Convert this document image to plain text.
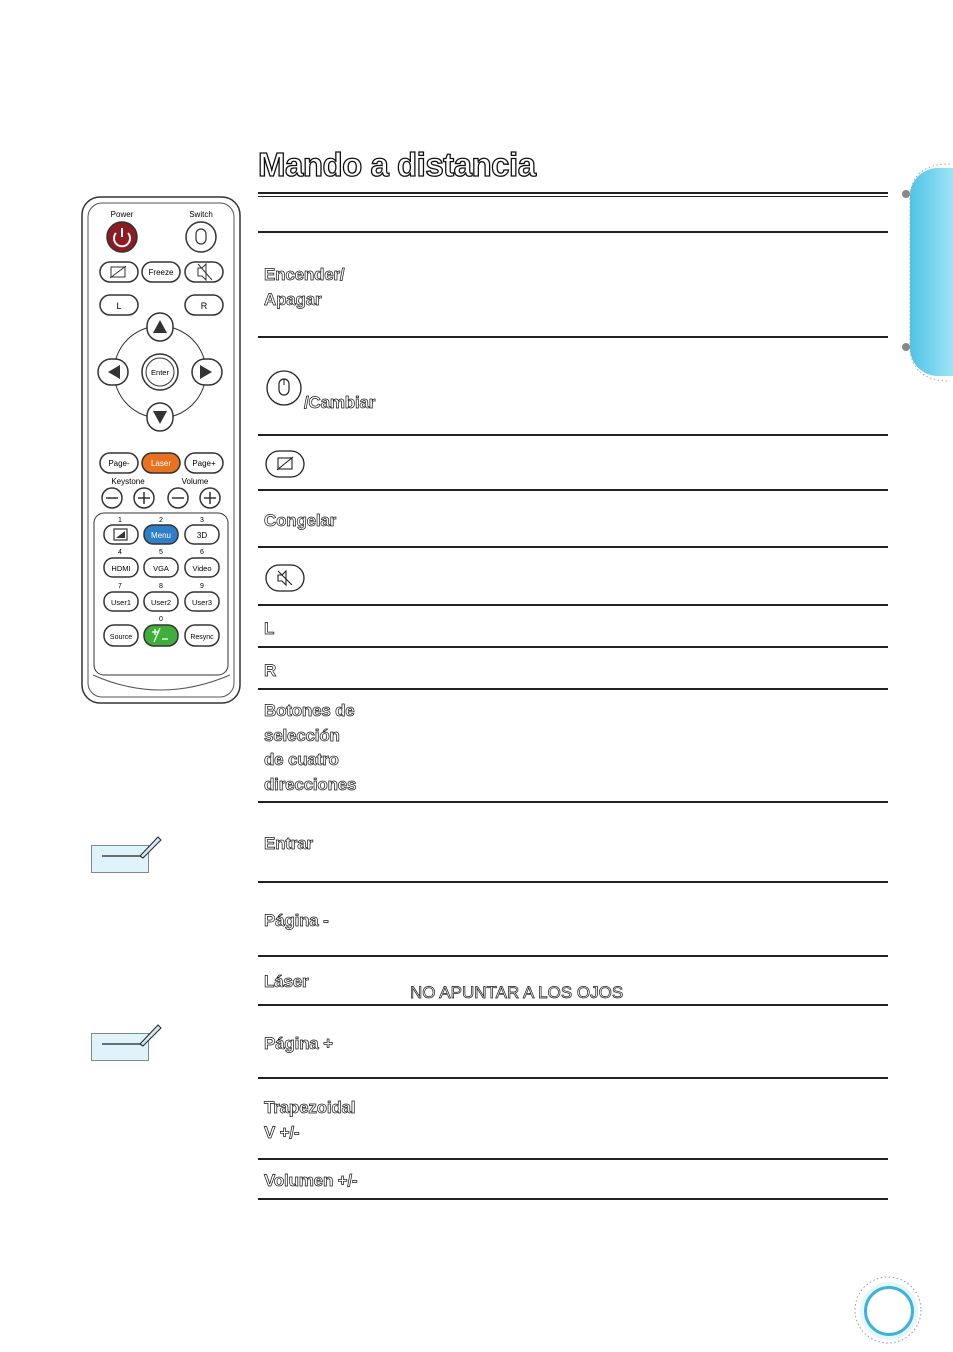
Mando a distancia
Power	Switch
Freeze
L	R
Enter
Page-	Laser	Page+
Keystone	Volume
1	2	3
Menu	3D
4	5	6
HDMI	VGA	Video
7	8	9
User1	User2	User3
0
Source	Resync
Encender/
Apagar
/Cambiar
Congelar
L
R
Botones de
selección
de cuatro
direcciones
Entrar
Página -
Láser
NO APUNTAR A LOS OJOS
Página +
Trapezoidal
V +/-
Volumen +/-
